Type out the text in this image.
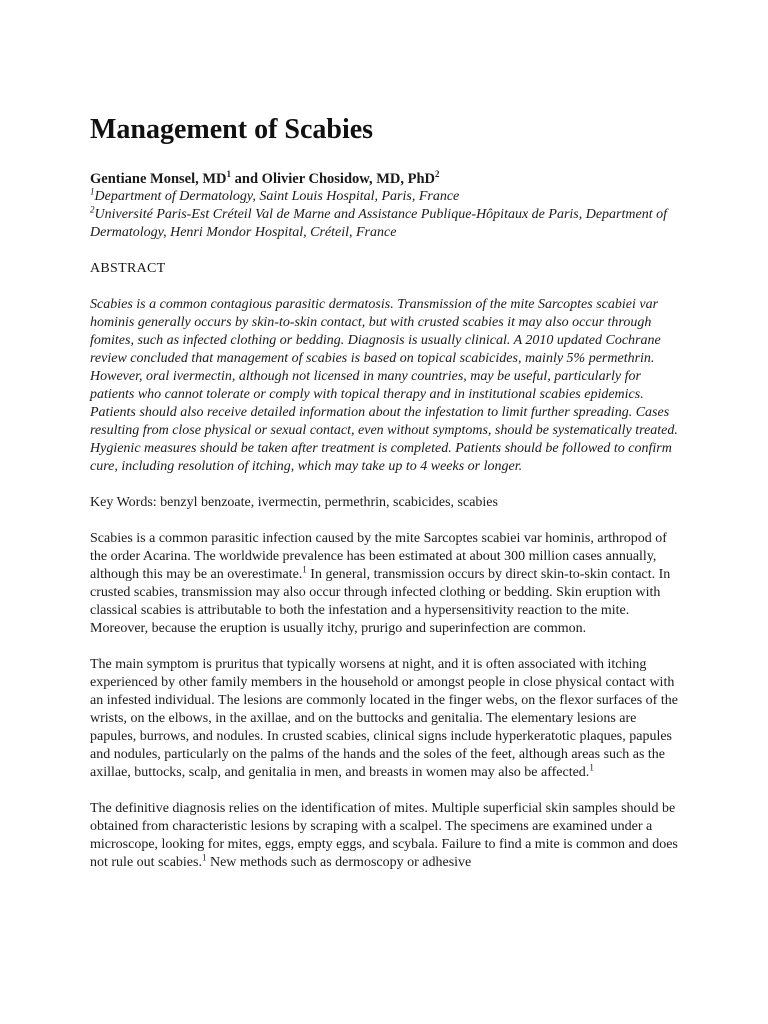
Management of Scabies

Gentiane Monsel, $MD^1$ and Olivier Chosidow, MD, PhD$^2$

$^1$Department of Dermatology, Saint Louis Hospital, Paris, France

$^2$Université Paris-Est Créteil Val de Marne and Assistance Publique-Hôpitaux de Paris, Department of Dermatology, Henri Mondor Hospital, Créteil, France

ABSTRACT

Scabies is a common contagious parasitic dermatosis. Transmission of the mite Sarcoptes scabiei var hominis generally occurs by skin-to-skin contact, but with crusted scabies it may also occur through fomites, such as infected clothing or bedding. Diagnosis is usually clinical. A 2010 updated Cochrane review concluded that management of scabies is based on topical scabicides, mainly 5% permethrin. However, oral ivermectin, although not licensed in many countries, may be useful, particularly for patients who cannot tolerate or comply with topical therapy and in institutional scabies epidemics. Patients should also receive detailed information about the infestation to limit further spreading. Cases resulting from close physical or sexual contact, even without symptoms, should be systematically treated. Hygienic measures should be taken after treatment is completed. Patients should be followed to confirm cure, including resolution of itching, which may take up to 4 weeks or longer.

Key Words: benzyl benzoate, ivermectin, permethrin, scabicides, scabies

Scabies is a common parasitic infection caused by the mite Sarcoptes scabiei var hominis, arthropod of the order Acarina. The worldwide prevalence has been estimated at about 300 million cases annually, although this may be an overestimate.$^1$ In general, transmission occurs by direct skin-to-skin contact. In crusted scabies, transmission may also occur through infected clothing or bedding. Skin eruption with classical scabies is attributable to both the infestation and a hypersensitivity reaction to the mite. Moreover, because the eruption is usually itchy, prurigo and superinfection are common.

The main symptom is pruritus that typically worsens at night, and it is often associated with itching experienced by other family members in the household or amongst people in close physical contact with an infested individual. The lesions are commonly located in the finger webs, on the flexor surfaces of the wrists, on the elbows, in the axillae, and on the buttocks and genitalia. The elementary lesions are papules, burrows, and nodules. In crusted scabies, clinical signs include hyperkeratotic plaques, papules and nodules, particularly on the palms of the hands and the soles of the feet, although areas such as the axillae, buttocks, scalp, and genitalia in men, and breasts in women may also be affected.$^1$

The definitive diagnosis relies on the identification of mites. Multiple superficial skin samples should be obtained from characteristic lesions by scraping with a scalpel. The specimens are examined under a microscope, looking for mites, eggs, empty eggs, and scybala. Failure to find a mite is common and does not rule out scabies.$^1$ New methods such as dermoscopy or adhesive
